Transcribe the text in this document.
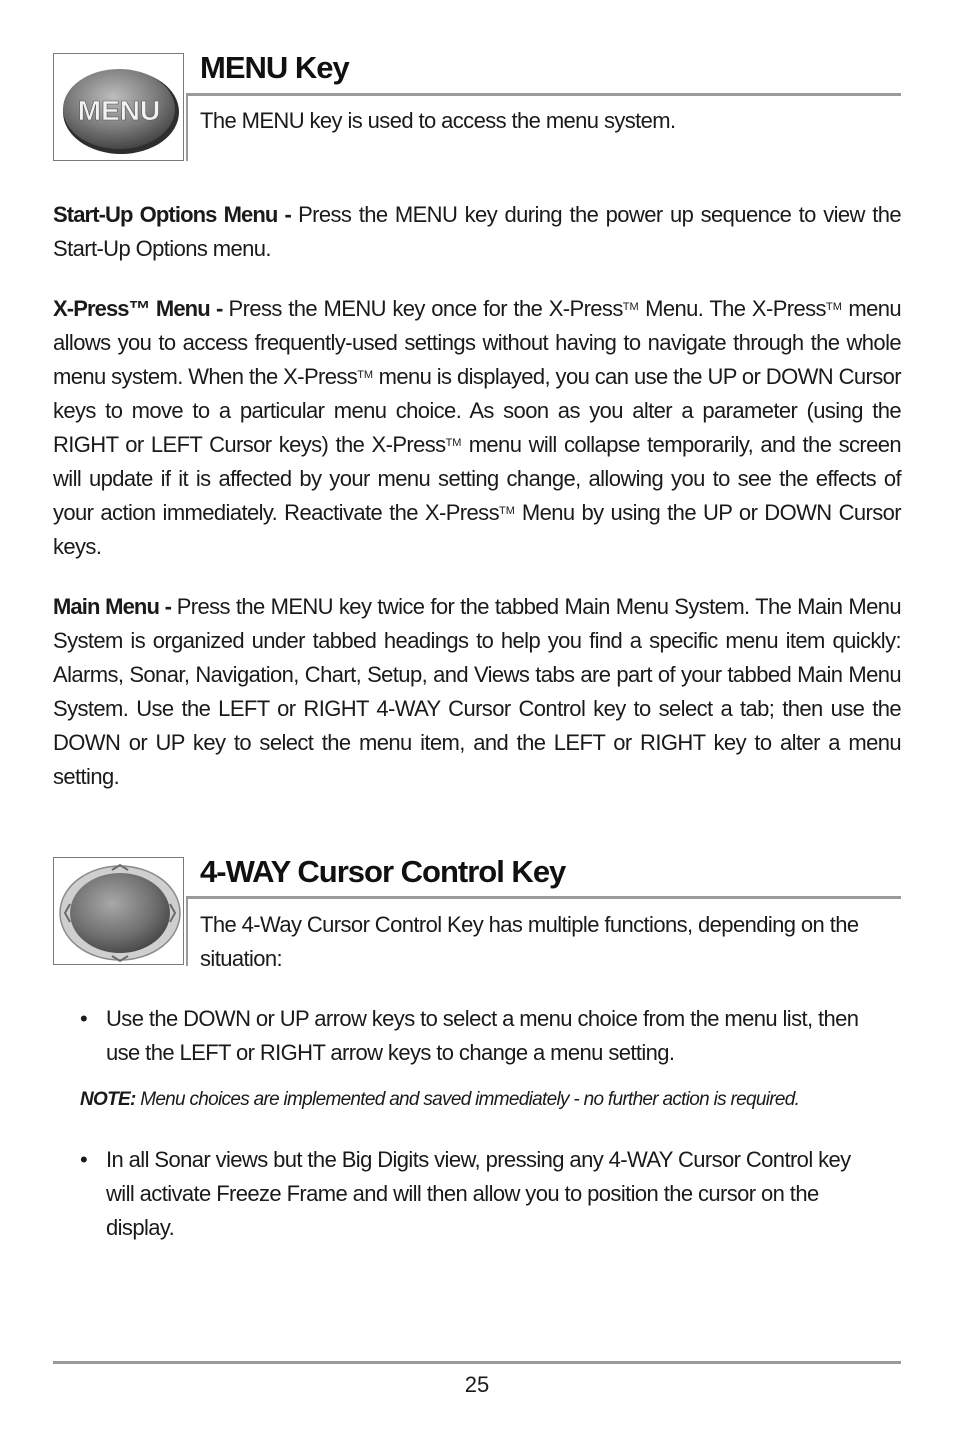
MENU
MENU Key

The MENU key is used to access the menu system.

Start-Up Options Menu - Press the MENU key during the power up sequence to view the Start-Up Options menu.

X-Press™ Menu - Press the MENU key once for the X-Press™ Menu. The X-Press™ menu allows you to access frequently-used settings without having to navigate through the whole menu system. When the X-Press™ menu is displayed, you can use the UP or DOWN Cursor keys to move to a particular menu choice. As soon as you alter a parameter (using the RIGHT or LEFT Cursor keys) the X-Press™ menu will collapse temporarily, and the screen will update if it is affected by your menu setting change, allowing you to see the effects of your action immediately. Reactivate the X-Press™ Menu by using the UP or DOWN Cursor keys.

Main Menu - Press the MENU key twice for the tabbed Main Menu System. The Main Menu System is organized under tabbed headings to help you find a specific menu item quickly: Alarms, Sonar, Navigation, Chart, Setup, and Views tabs are part of your tabbed Main Menu System. Use the LEFT or RIGHT 4-WAY Cursor Control key to select a tab; then use the DOWN or UP key to select the menu item, and the LEFT or RIGHT key to alter a menu setting.

4-WAY Cursor Control Key

The 4-Way Cursor Control Key has multiple functions, depending on the situation:

• Use the DOWN or UP arrow keys to select a menu choice from the menu list, then use the LEFT or RIGHT arrow keys to change a menu setting.

NOTE: Menu choices are implemented and saved immediately - no further action is required.

• In all Sonar views but the Big Digits view, pressing any 4-WAY Cursor Control key will activate Freeze Frame and will then allow you to position the cursor on the display.

25
